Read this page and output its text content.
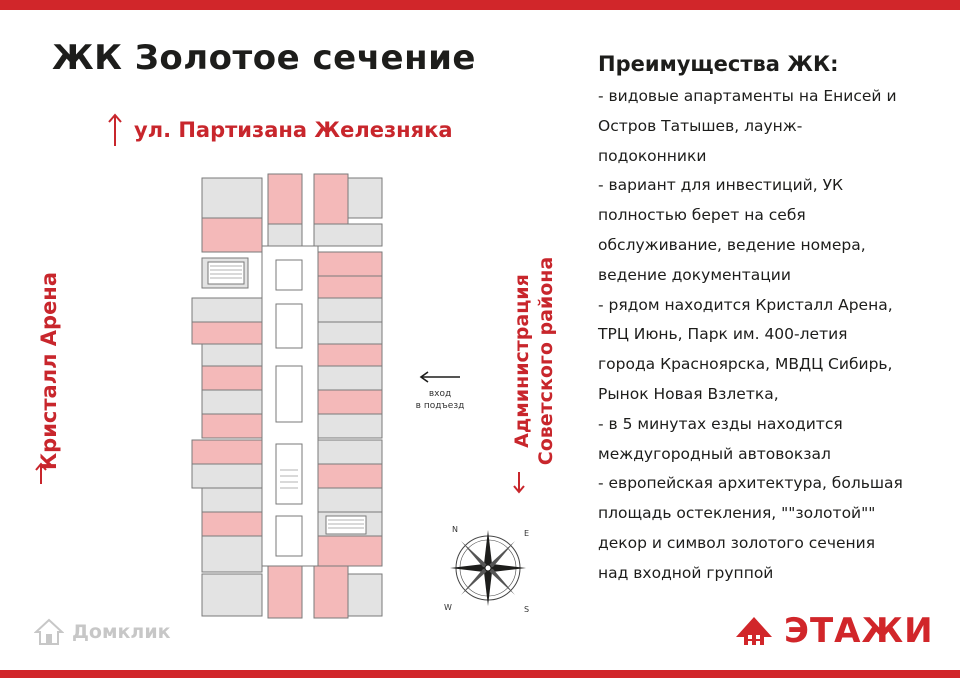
ЖК Золотое сечение
ул. Партизана Железняка
Кристалл Арена	Администрация Советского района
вход
в подъезд
N	E
W	S
Преимущества ЖК:
- видовые апартаменты на Енисей и
Остров Татышев, лаунж-
подоконники
- вариант для инвестиций, УК
полностью берет на себя
обслуживание, ведение номера,
ведение документации
- рядом находится Кристалл Арена,
ТРЦ Июнь, Парк им. 400-летия
города Красноярска, МВДЦ Сибирь,
Рынок Новая Взлетка,
- в 5 минутах езды находится
междугородный автовокзал
- европейская архитектура, большая
площадь остекления, ""золотой""
декор и символ золотого сечения
над входной группой
Домклик	ЭТАЖИ
